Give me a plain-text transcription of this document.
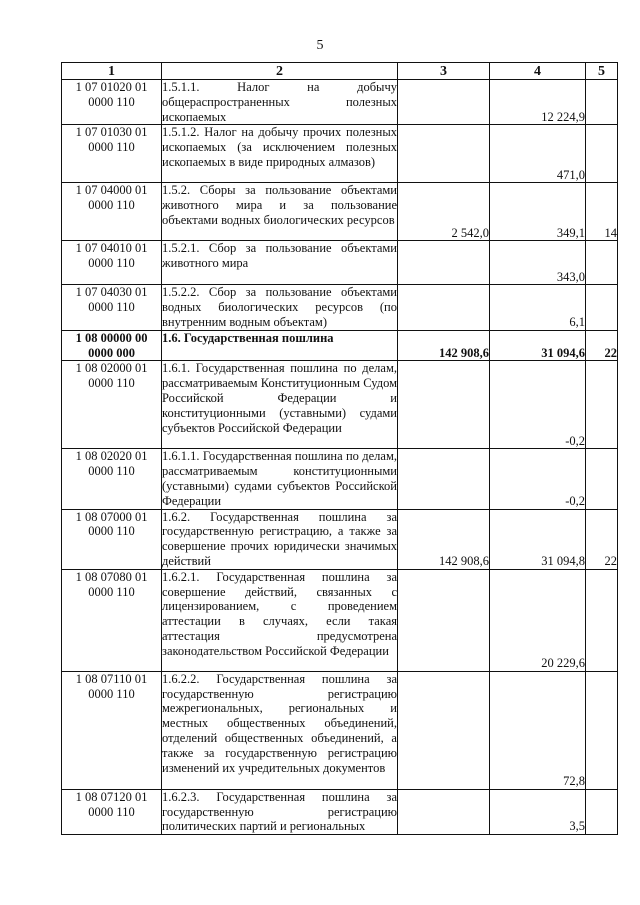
5
1	2	3	4	5
1 07 01020 01 0000 110	1.5.1.1. Налог на добычу общераспространенных полезных ископаемых		12 224,9	
1 07 01030 01 0000 110	1.5.1.2. Налог на добычу прочих полезных ископаемых (за исключением полезных ископаемых в виде природных алмазов)		471,0	
1 07 04000 01 0000 110	1.5.2. Сборы за пользование объектами животного мира и за пользование объектами водных биологических ресурсов	2 542,0	349,1	14
1 07 04010 01 0000 110	1.5.2.1. Сбор за пользование объектами животного мира		343,0	
1 07 04030 01 0000 110	1.5.2.2. Сбор за пользование объектами водных биологических ресурсов (по внутренним водным объектам)		6,1	
1 08 00000 00 0000 000	1.6. Государственная пошлина	142 908,6	31 094,6	22
1 08 02000 01 0000 110	1.6.1. Государственная пошлина по делам, рассматриваемым Конституционным Судом Российской Федерации и конституционными (уставными) судами субъектов Российской Федерации		-0,2	
1 08 02020 01 0000 110	1.6.1.1. Государственная пошлина по делам, рассматриваемым конституционными (уставными) судами субъектов Российской Федерации		-0,2	
1 08 07000 01 0000 110	1.6.2. Государственная пошлина за государственную регистрацию, а также за совершение прочих юридически значимых действий	142 908,6	31 094,8	22
1 08 07080 01 0000 110	1.6.2.1. Государственная пошлина за совершение действий, связанных с лицензированием, с проведением аттестации в случаях, если такая аттестация предусмотрена законодательством Российской Федерации		20 229,6	
1 08 07110 01 0000 110	1.6.2.2. Государственная пошлина за государственную регистрацию межрегиональных, региональных и местных общественных объединений, отделений общественных объединений, а также за государственную регистрацию изменений их учредительных документов		72,8	
1 08 07120 01 0000 110	1.6.2.3. Государственная пошлина за государственную регистрацию политических партий и региональных		3,5	
